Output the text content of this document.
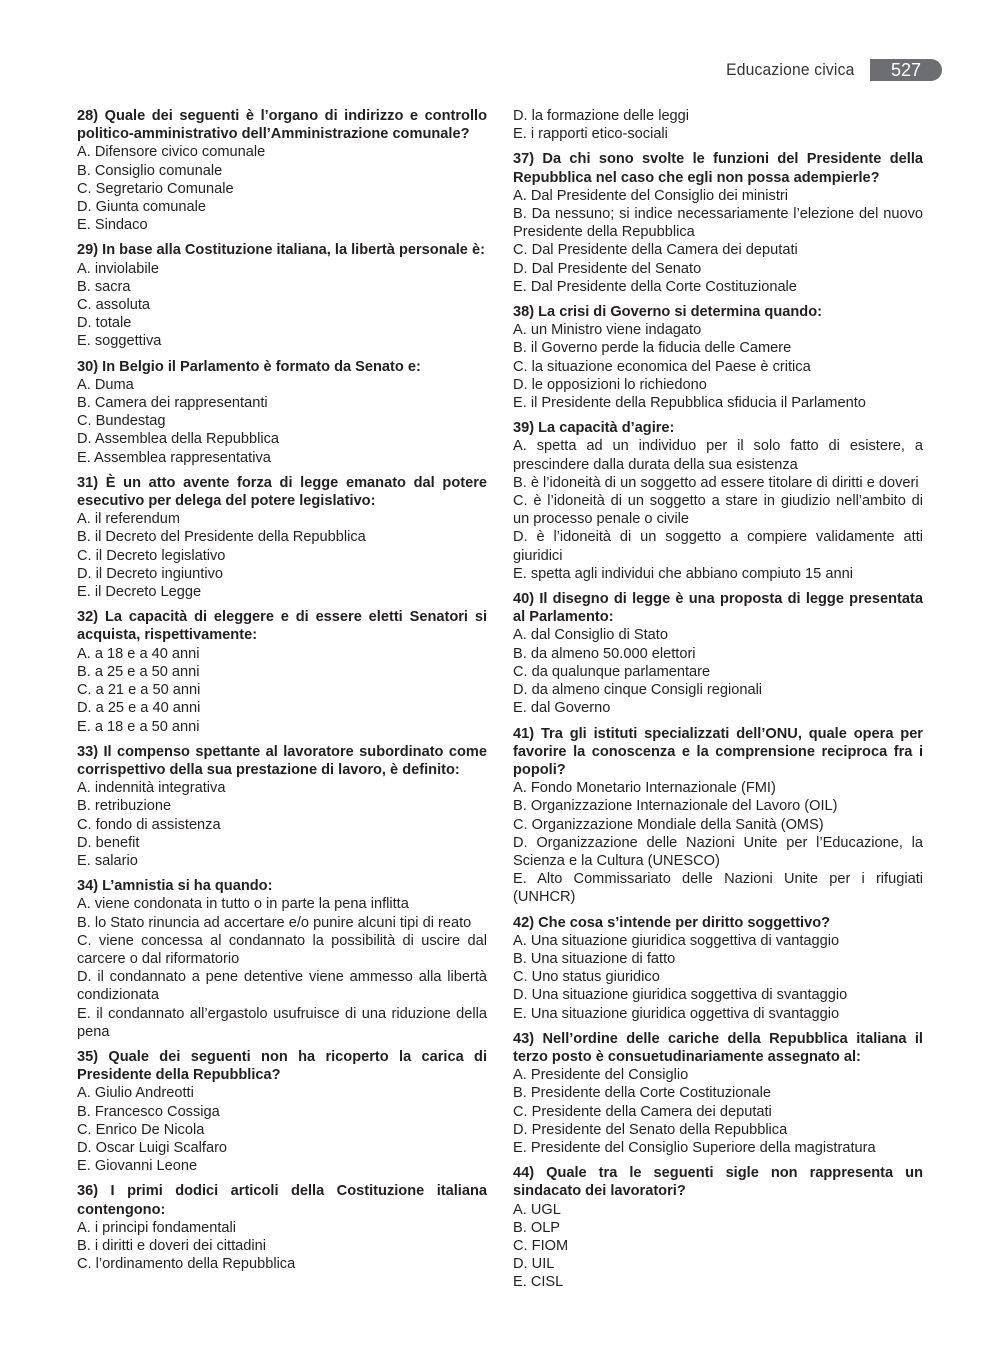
Educazione civica	527
28) Quale dei seguenti è l’organo di indirizzo e controllo politico-amministrativo dell’Amministrazione comunale?
A. Difensore civico comunale
B. Consiglio comunale
C. Segretario Comunale
D. Giunta comunale
E. Sindaco
29) In base alla Costituzione italiana, la libertà personale è:
A. inviolabile
B. sacra
C. assoluta
D. totale
E. soggettiva
30) In Belgio il Parlamento è formato da Senato e:
A. Duma
B. Camera dei rappresentanti
C. Bundestag
D. Assemblea della Repubblica
E. Assemblea rappresentativa
31) È un atto avente forza di legge emanato dal potere esecutivo per delega del potere legislativo:
A. il referendum
B. il Decreto del Presidente della Repubblica
C. il Decreto legislativo
D. il Decreto ingiuntivo
E. il Decreto Legge
32) La capacità di eleggere e di essere eletti Senatori si acquista, rispettivamente:
A. a 18 e a 40 anni
B. a 25 e a 50 anni
C. a 21 e a 50 anni
D. a 25 e a 40 anni
E. a 18 e a 50 anni
33) Il compenso spettante al lavoratore subordinato come corrispettivo della sua prestazione di lavoro, è definito:
A. indennità integrativa
B. retribuzione
C. fondo di assistenza
D. benefit
E. salario
34) L’amnistia si ha quando:
A. viene condonata in tutto o in parte la pena inflitta
B. lo Stato rinuncia ad accertare e/o punire alcuni tipi di reato
C. viene concessa al condannato la possibilità di uscire dal carcere o dal riformatorio
D. il condannato a pene detentive viene ammesso alla libertà condizionata
E. il condannato all’ergastolo usufruisce di una riduzione della pena
35) Quale dei seguenti non ha ricoperto la carica di Presidente della Repubblica?
A. Giulio Andreotti
B. Francesco Cossiga
C. Enrico De Nicola
D. Oscar Luigi Scalfaro
E. Giovanni Leone
36) I primi dodici articoli della Costituzione italiana contengono:
A. i principi fondamentali
B. i diritti e doveri dei cittadini
C. l’ordinamento della Repubblica
D. la formazione delle leggi
E. i rapporti etico-sociali
37) Da chi sono svolte le funzioni del Presidente della Repubblica nel caso che egli non possa adempierle?
A. Dal Presidente del Consiglio dei ministri
B. Da nessuno; si indice necessariamente l’elezione del nuovo Presidente della Repubblica
C. Dal Presidente della Camera dei deputati
D. Dal Presidente del Senato
E. Dal Presidente della Corte Costituzionale
38) La crisi di Governo si determina quando:
A. un Ministro viene indagato
B. il Governo perde la fiducia delle Camere
C. la situazione economica del Paese è critica
D. le opposizioni lo richiedono
E. il Presidente della Repubblica sfiducia il Parlamento
39) La capacità d’agire:
A. spetta ad un individuo per il solo fatto di esistere, a prescindere dalla durata della sua esistenza
B. è l’idoneità di un soggetto ad essere titolare di diritti e doveri
C. è l’idoneità di un soggetto a stare in giudizio nell’ambito di un processo penale o civile
D. è l’idoneità di un soggetto a compiere validamente atti giuridici
E. spetta agli individui che abbiano compiuto 15 anni
40) Il disegno di legge è una proposta di legge presentata al Parlamento:
A. dal Consiglio di Stato
B. da almeno 50.000 elettori
C. da qualunque parlamentare
D. da almeno cinque Consigli regionali
E. dal Governo
41) Tra gli istituti specializzati dell’ONU, quale opera per favorire la conoscenza e la comprensione reciproca fra i popoli?
A. Fondo Monetario Internazionale (FMI)
B. Organizzazione Internazionale del Lavoro (OIL)
C. Organizzazione Mondiale della Sanità (OMS)
D. Organizzazione delle Nazioni Unite per l’Educazione, la Scienza e la Cultura (UNESCO)
E. Alto Commissariato delle Nazioni Unite per i rifugiati (UNHCR)
42) Che cosa s’intende per diritto soggettivo?
A. Una situazione giuridica soggettiva di vantaggio
B. Una situazione di fatto
C. Uno status giuridico
D. Una situazione giuridica soggettiva di svantaggio
E. Una situazione giuridica oggettiva di svantaggio
43) Nell’ordine delle cariche della Repubblica italiana il terzo posto è consuetudinariamente assegnato al:
A. Presidente del Consiglio
B. Presidente della Corte Costituzionale
C. Presidente della Camera dei deputati
D. Presidente del Senato della Repubblica
E. Presidente del Consiglio Superiore della magistratura
44) Quale tra le seguenti sigle non rappresenta un sindacato dei lavoratori?
A. UGL
B. OLP
C. FIOM
D. UIL
E. CISL
